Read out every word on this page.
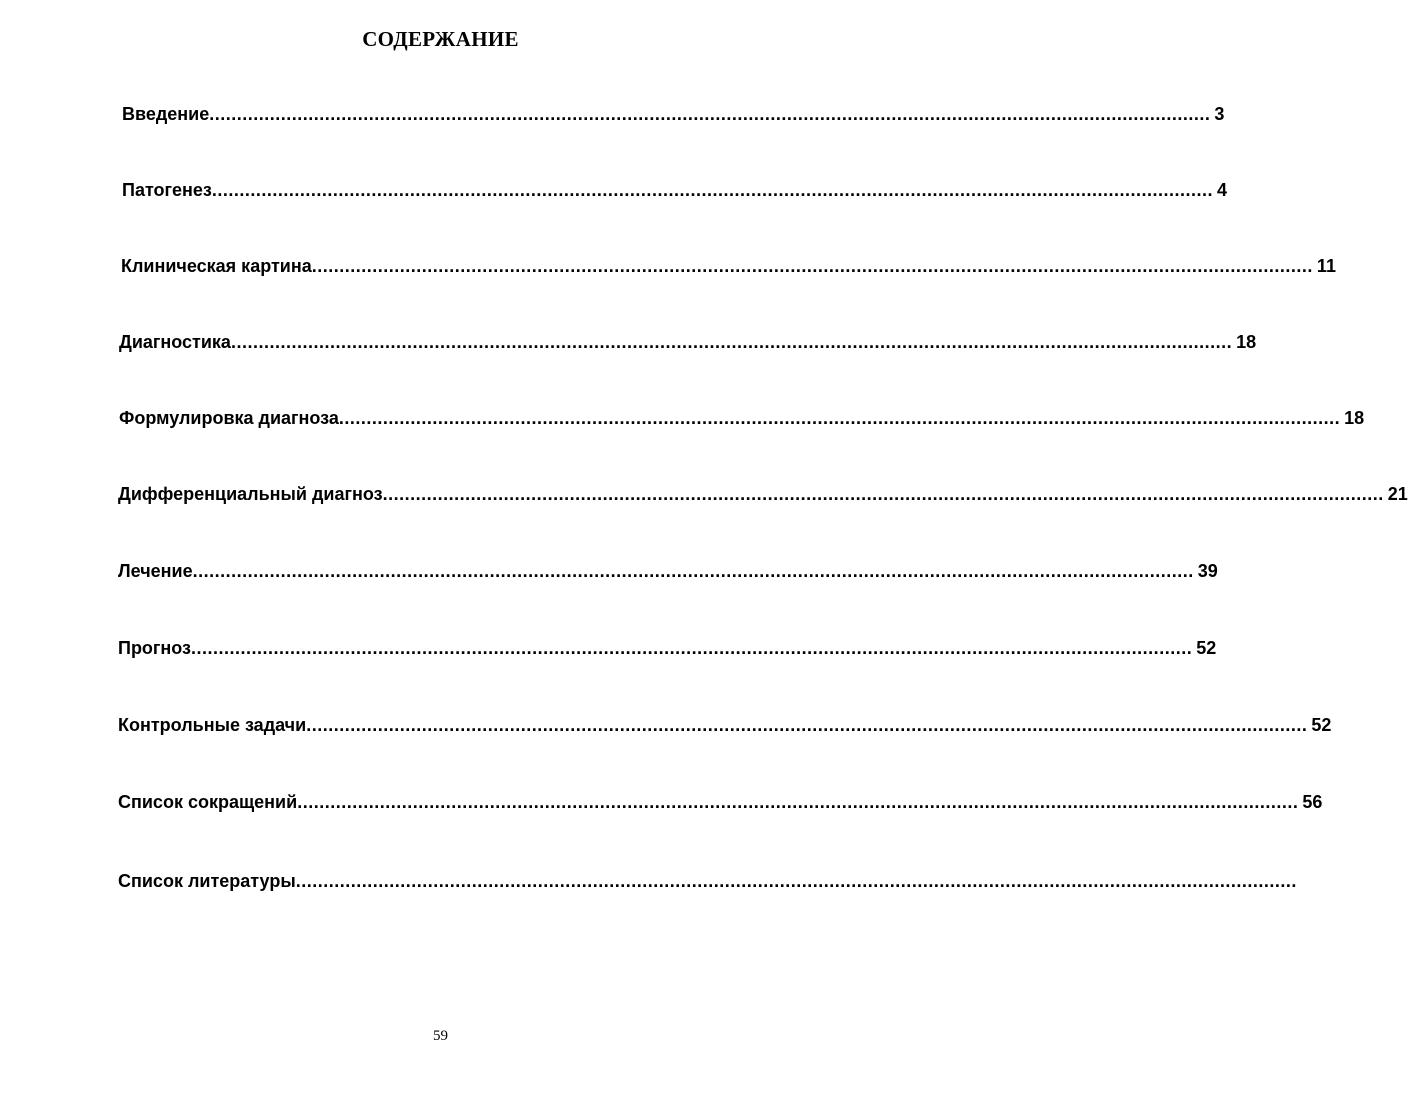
СОДЕРЖАНИЕ
Введение ...................................................................................................................................................................................... 3
Патогенез ...................................................................................................................................................................................... 4
Клиническая картина ...................................................................................................................................................................................... 11
Диагностика ...................................................................................................................................................................................... 18
Формулировка диагноза ...................................................................................................................................................................................... 18
Дифференциальный диагноз ...................................................................................................................................................................................... 21
Лечение ...................................................................................................................................................................................... 39
Прогноз ...................................................................................................................................................................................... 52
Контрольные задачи ...................................................................................................................................................................................... 52
Список сокращений ...................................................................................................................................................................................... 56
Список литературы ......................................................................................................................................................................................
59
